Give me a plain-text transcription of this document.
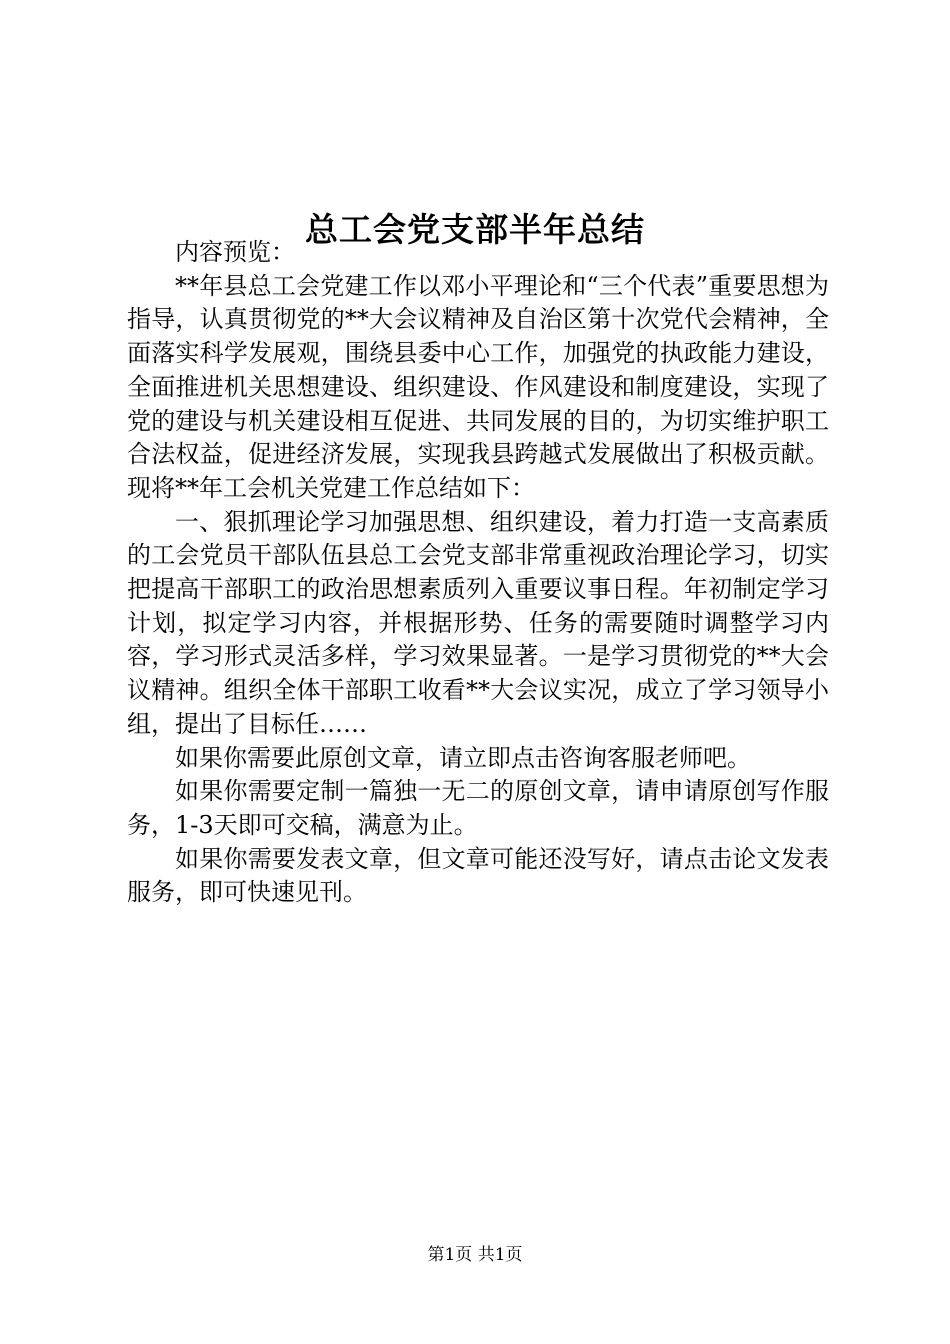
总工会党支部半年总结

内容预览：

**年县总工会党建工作以邓小平理论和“三个代表”重要思想为指导，认真贯彻党的**大会议精神及自治区第十次党代会精神，全面落实科学发展观，围绕县委中心工作，加强党的执政能力建设，全面推进机关思想建设、组织建设、作风建设和制度建设，实现了党的建设与机关建设相互促进、共同发展的目的，为切实维护职工合法权益，促进经济发展，实现我县跨越式发展做出了积极贡献。现将**年工会机关党建工作总结如下：

一、狠抓理论学习加强思想、组织建设，着力打造一支高素质的工会党员干部队伍县总工会党支部非常重视政治理论学习，切实把提高干部职工的政治思想素质列入重要议事日程。年初制定学习计划，拟定学习内容，并根据形势、任务的需要随时调整学习内容，学习形式灵活多样，学习效果显著。一是学习贯彻党的**大会议精神。组织全体干部职工收看**大会议实况，成立了学习领导小组，提出了目标任……

如果你需要此原创文章，请立即点击咨询客服老师吧。

如果你需要定制一篇独一无二的原创文章，请申请原创写作服务，1-3天即可交稿，满意为止。

如果你需要发表文章，但文章可能还没写好，请点击论文发表服务，即可快速见刊。

第1页 共1页
